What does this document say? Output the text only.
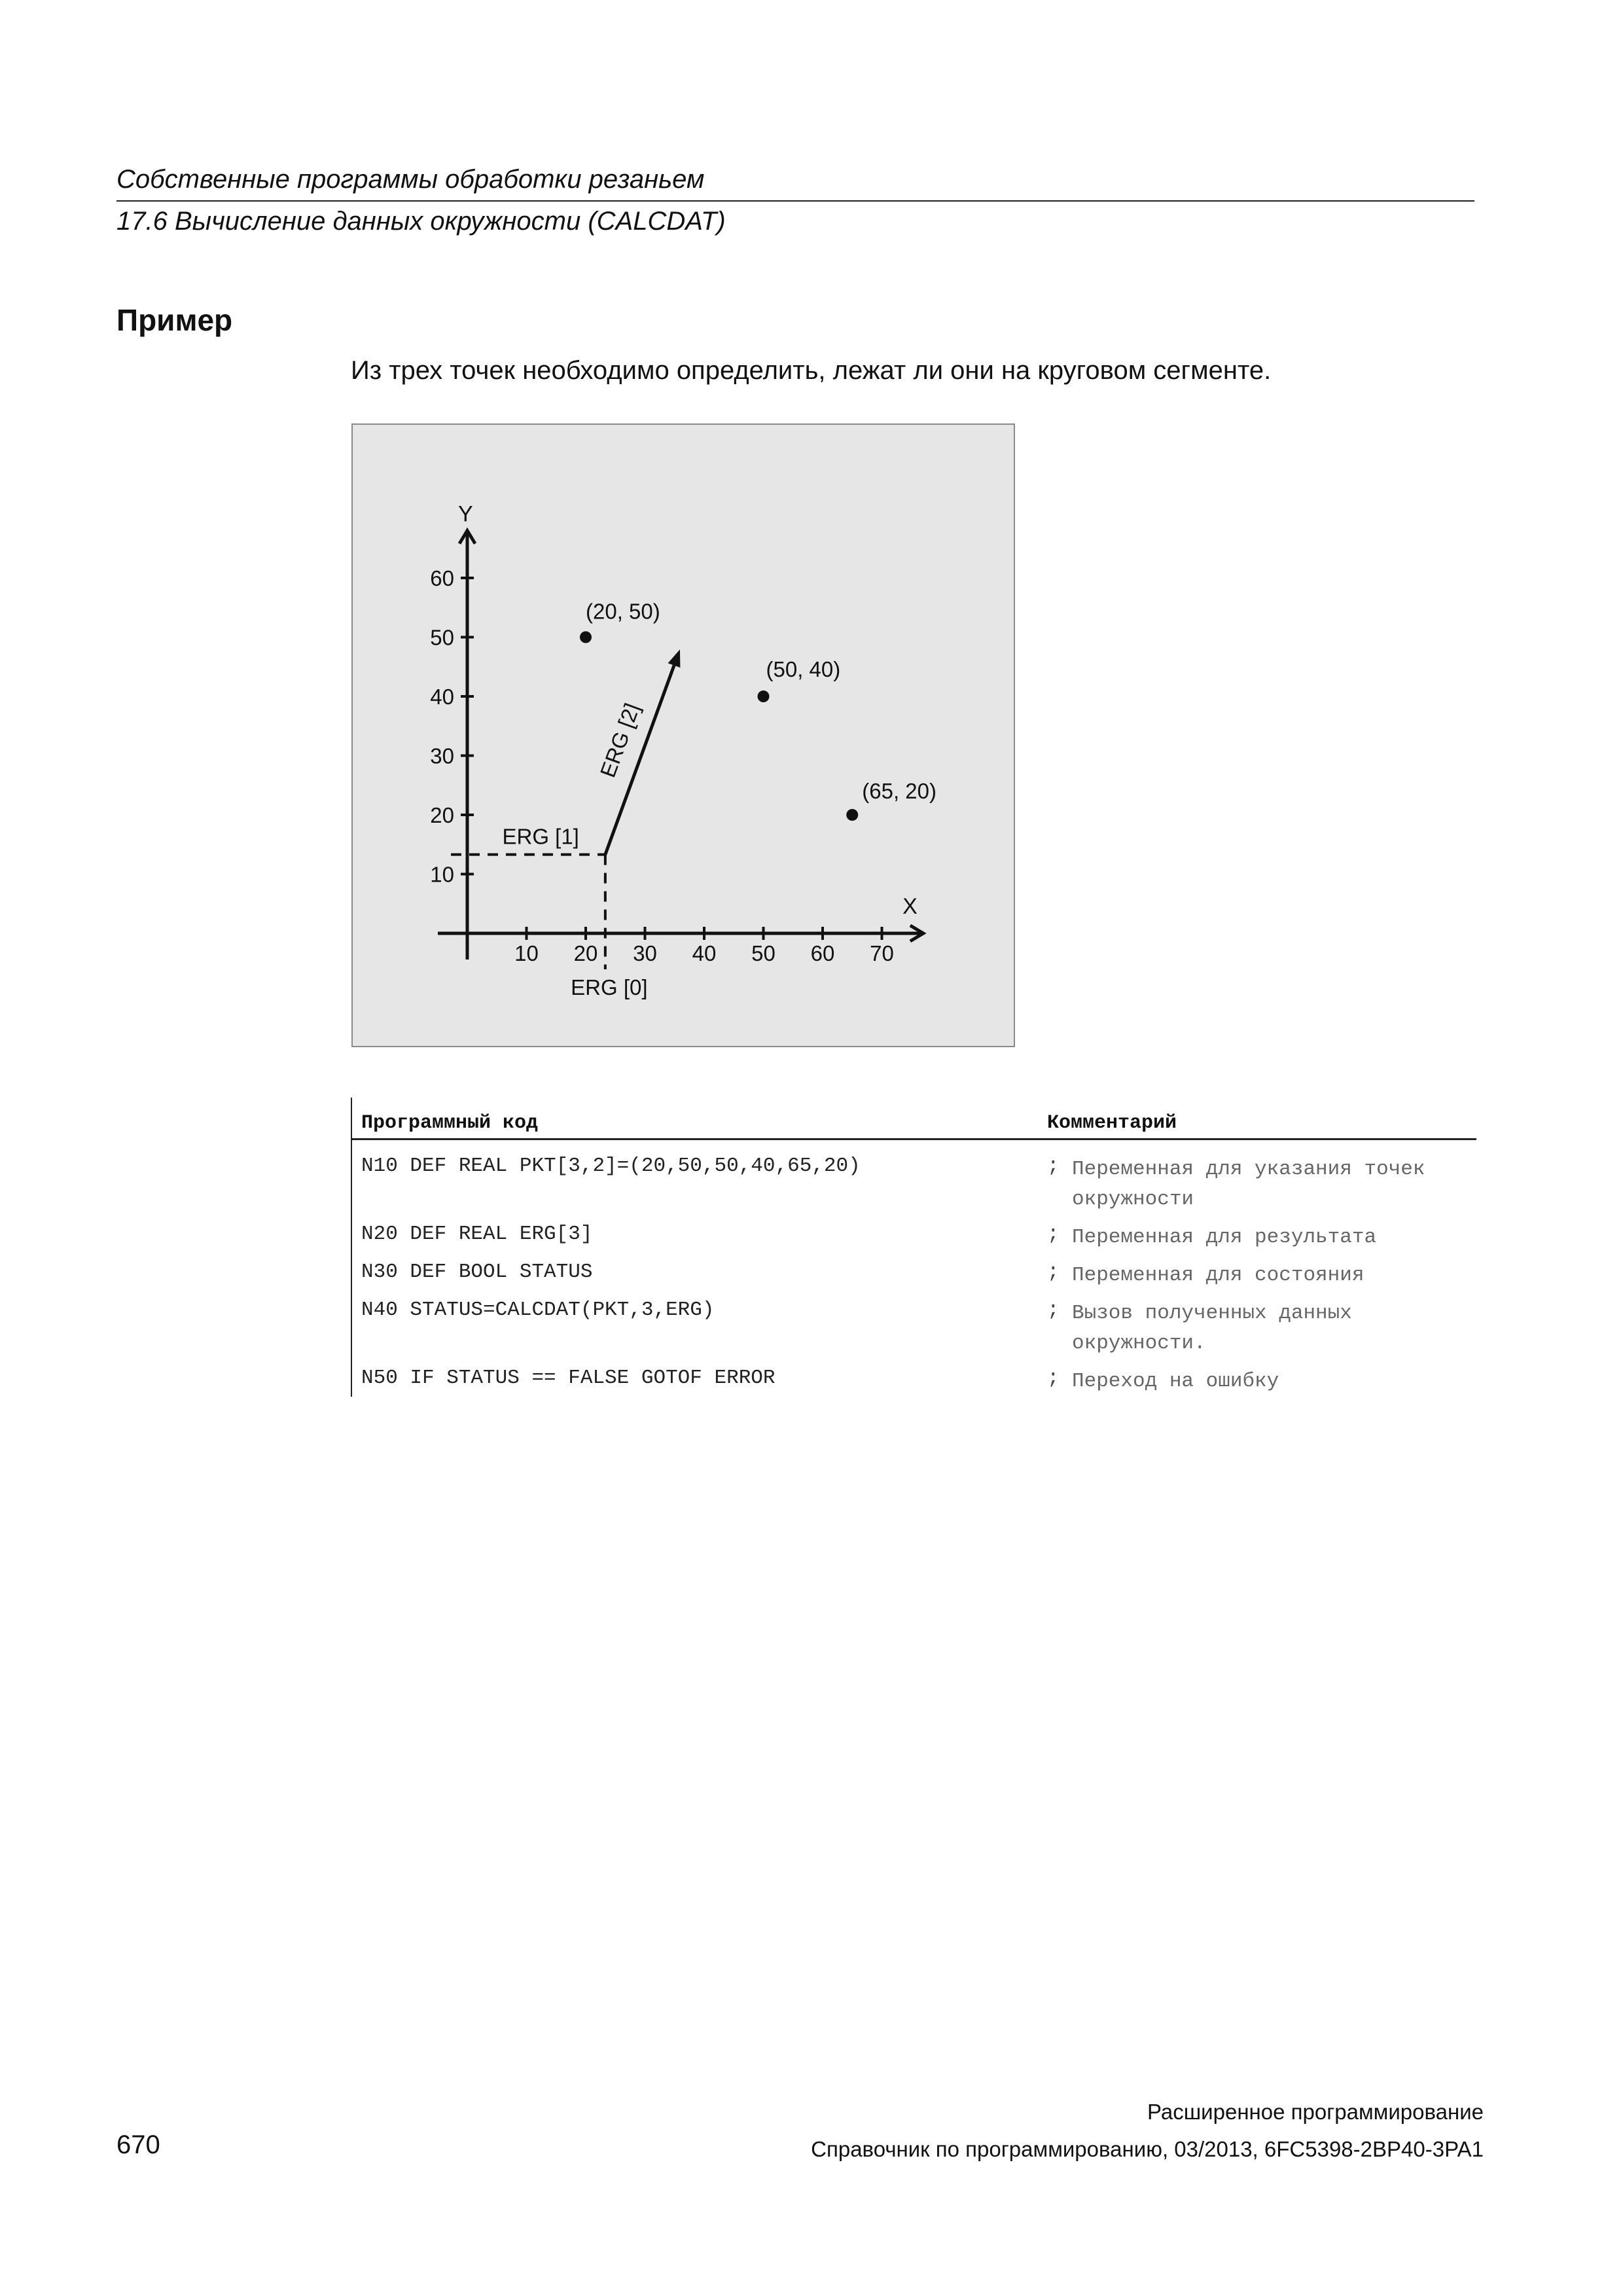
Собственные программы обработки резаньем
17.6 Вычисление данных окружности (CALCDAT)
Пример
Из трех точек необходимо определить, лежат ли они на круговом сегменте.
10 20 30 40 50 60 70
10
20
30
40
50
60
X
Y
ERG [0]
ERG [1]
ERG [2]
(20, 50)
(50, 40)
(65, 20)
Программный код	Комментарий
N10 DEF REAL PKT[3,2]=(20,50,50,40,65,20)	; Переменная для указания точек окружности
N20 DEF REAL ERG[3]	; Переменная для результата
N30 DEF BOOL STATUS	; Переменная для состояния
N40 STATUS=CALCDAT(PKT,3,ERG)	; Вызов полученных данных окружности.
N50 IF STATUS == FALSE GOTOF ERROR	; Переход на ошибку
Расширенное программирование
670	Справочник по программированию, 03/2013, 6FC5398-2BP40-3PA1
